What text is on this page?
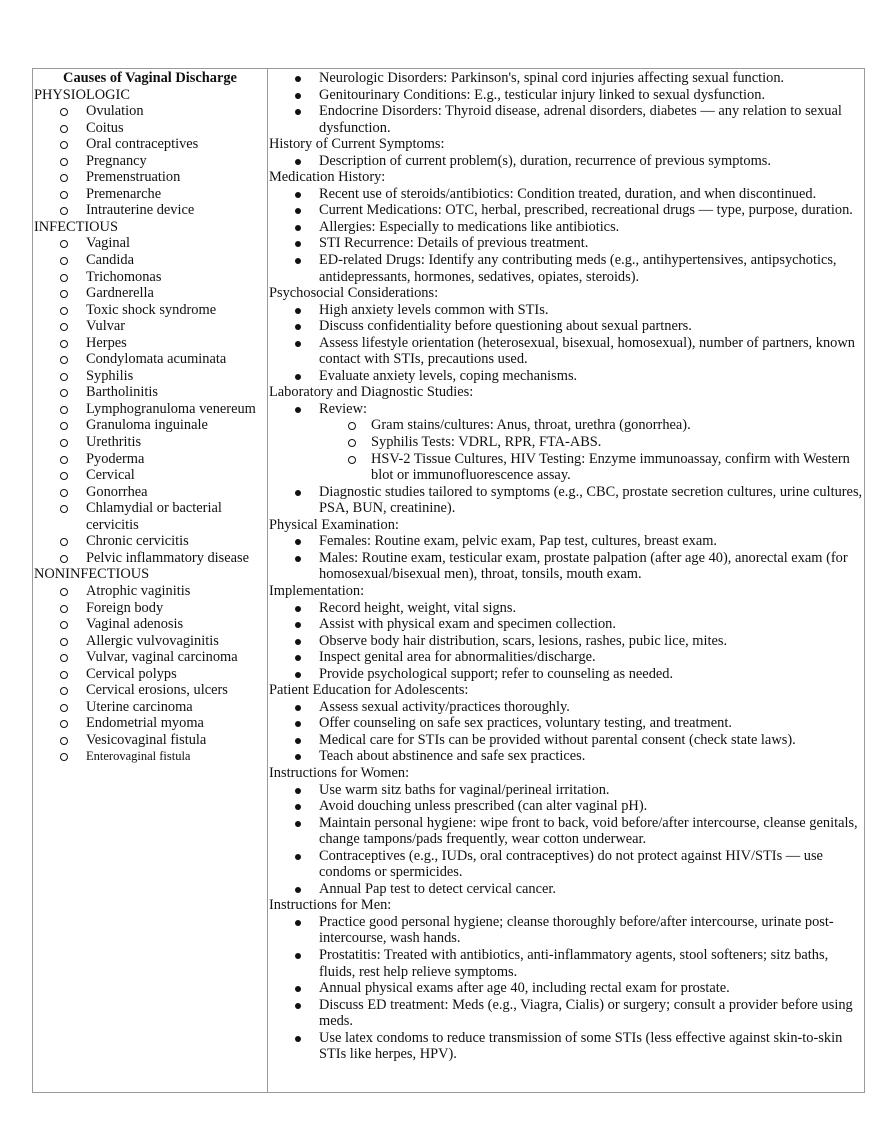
Causes of Vaginal Discharge
PHYSIOLOGIC
Ovulation
Coitus
Oral contraceptives
Pregnancy
Premenstruation
Premenarche
Intrauterine device
INFECTIOUS
Vaginal
Candida
Trichomonas
Gardnerella
Toxic shock syndrome
Vulvar
Herpes
Condylomata acuminata
Syphilis
Bartholinitis
Lymphogranuloma venereum
Granuloma inguinale
Urethritis
Pyoderma
Cervical
Gonorrhea
Chlamydial or bacterial cervicitis
Chronic cervicitis
Pelvic inflammatory disease
NONINFECTIOUS
Atrophic vaginitis
Foreign body
Vaginal adenosis
Allergic vulvovaginitis
Vulvar, vaginal carcinoma
Cervical polyps
Cervical erosions, ulcers
Uterine carcinoma
Endometrial myoma
Vesicovaginal fistula
Enterovaginal fistula
Neurologic Disorders: Parkinson's, spinal cord injuries affecting sexual function.
Genitourinary Conditions: E.g., testicular injury linked to sexual dysfunction.
Endocrine Disorders: Thyroid disease, adrenal disorders, diabetes — any relation to sexual dysfunction.
History of Current Symptoms:
Description of current problem(s), duration, recurrence of previous symptoms.
Medication History:
Recent use of steroids/antibiotics: Condition treated, duration, and when discontinued.
Current Medications: OTC, herbal, prescribed, recreational drugs — type, purpose, duration.
Allergies: Especially to medications like antibiotics.
STI Recurrence: Details of previous treatment.
ED-related Drugs: Identify any contributing meds (e.g., antihypertensives, antipsychotics, antidepressants, hormones, sedatives, opiates, steroids).
Psychosocial Considerations:
High anxiety levels common with STIs.
Discuss confidentiality before questioning about sexual partners.
Assess lifestyle orientation (heterosexual, bisexual, homosexual), number of partners, known contact with STIs, precautions used.
Evaluate anxiety levels, coping mechanisms.
Laboratory and Diagnostic Studies:
Review:
Gram stains/cultures: Anus, throat, urethra (gonorrhea).
Syphilis Tests: VDRL, RPR, FTA-ABS.
HSV-2 Tissue Cultures, HIV Testing: Enzyme immunoassay, confirm with Western blot or immunofluorescence assay.
Diagnostic studies tailored to symptoms (e.g., CBC, prostate secretion cultures, urine cultures, PSA, BUN, creatinine).
Physical Examination:
Females: Routine exam, pelvic exam, Pap test, cultures, breast exam.
Males: Routine exam, testicular exam, prostate palpation (after age 40), anorectal exam (for homosexual/bisexual men), throat, tonsils, mouth exam.
Implementation:
Record height, weight, vital signs.
Assist with physical exam and specimen collection.
Observe body hair distribution, scars, lesions, rashes, pubic lice, mites.
Inspect genital area for abnormalities/discharge.
Provide psychological support; refer to counseling as needed.
Patient Education for Adolescents:
Assess sexual activity/practices thoroughly.
Offer counseling on safe sex practices, voluntary testing, and treatment.
Medical care for STIs can be provided without parental consent (check state laws).
Teach about abstinence and safe sex practices.
Instructions for Women:
Use warm sitz baths for vaginal/perineal irritation.
Avoid douching unless prescribed (can alter vaginal pH).
Maintain personal hygiene: wipe front to back, void before/after intercourse, cleanse genitals, change tampons/pads frequently, wear cotton underwear.
Contraceptives (e.g., IUDs, oral contraceptives) do not protect against HIV/STIs — use condoms or spermicides.
Annual Pap test to detect cervical cancer.
Instructions for Men:
Practice good personal hygiene; cleanse thoroughly before/after intercourse, urinate post-intercourse, wash hands.
Prostatitis: Treated with antibiotics, anti-inflammatory agents, stool softeners; sitz baths, fluids, rest help relieve symptoms.
Annual physical exams after age 40, including rectal exam for prostate.
Discuss ED treatment: Meds (e.g., Viagra, Cialis) or surgery; consult a provider before using meds.
Use latex condoms to reduce transmission of some STIs (less effective against skin-to-skin STIs like herpes, HPV).
